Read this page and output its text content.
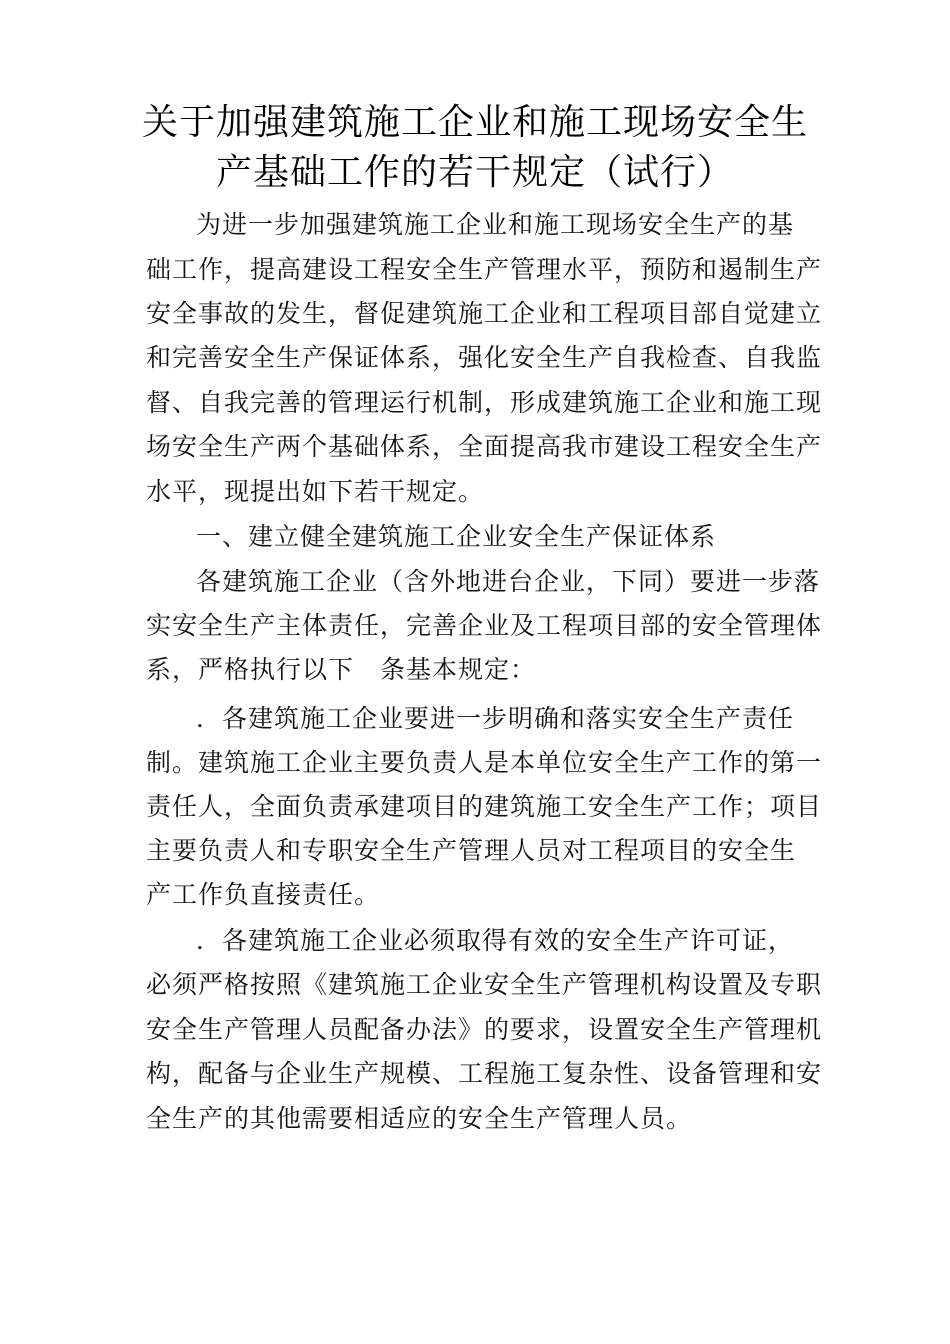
关于加强建筑施工企业和施工现场安全生
产基础工作的若干规定（试行）

为进一步加强建筑施工企业和施工现场安全生产的基

础工作，提高建设工程安全生产管理水平，预防和遏制生产

安全事故的发生，督促建筑施工企业和工程项目部自觉建立

和完善安全生产保证体系，强化安全生产自我检查、自我监

督、自我完善的管理运行机制，形成建筑施工企业和施工现

场安全生产两个基础体系，全面提高我市建设工程安全生产

水平，现提出如下若干规定。

一、建立健全建筑施工企业安全生产保证体系

各建筑施工企业（含外地进台企业，下同）要进一步落

实安全生产主体责任，完善企业及工程项目部的安全管理体

系，严格执行以下　条基本规定：

．各建筑施工企业要进一步明确和落实安全生产责任

制。建筑施工企业主要负责人是本单位安全生产工作的第一

责任人，全面负责承建项目的建筑施工安全生产工作；项目

主要负责人和专职安全生产管理人员对工程项目的安全生

产工作负直接责任。

．各建筑施工企业必须取得有效的安全生产许可证，

必须严格按照《建筑施工企业安全生产管理机构设置及专职

安全生产管理人员配备办法》的要求，设置安全生产管理机

构，配备与企业生产规模、工程施工复杂性、设备管理和安

全生产的其他需要相适应的安全生产管理人员。
